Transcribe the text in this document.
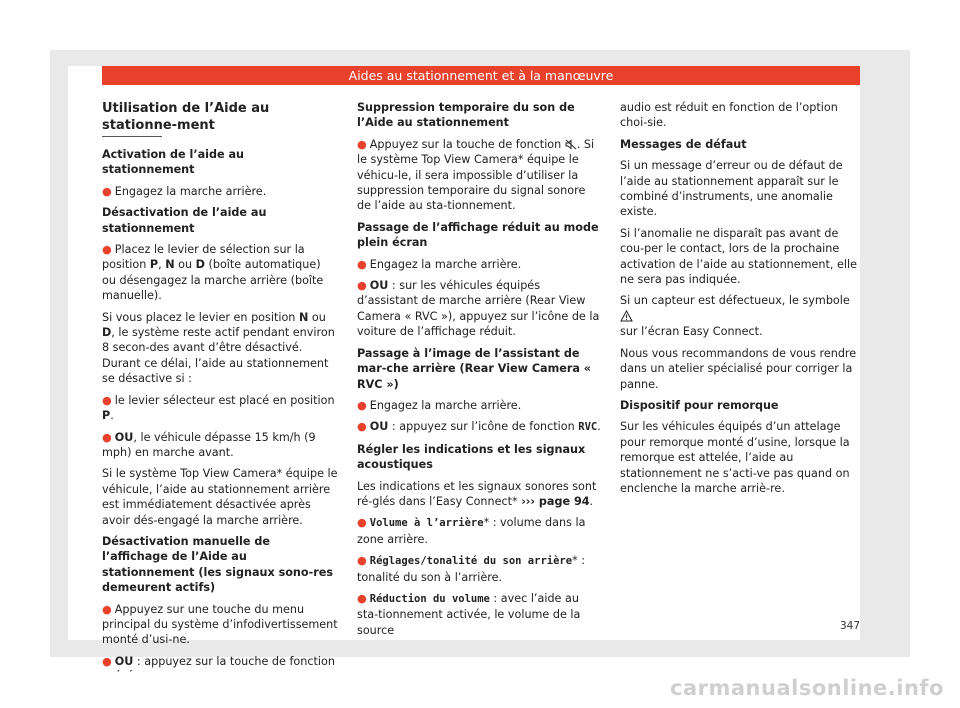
Aides au stationnement et à la manœuvre

Utilisation de l’Aide au stationne-ment

Activation de l’aide au stationnement

● Engagez la marche arrière.

Désactivation de l’aide au stationnement

● Placez le levier de sélection sur la position P, N ou D (boîte automatique) ou désengagez la marche arrière (boîte manuelle).

Si vous placez le levier en position N ou D, le système reste actif pendant environ 8 secon-des avant d’être désactivé. Durant ce délai, l’aide au stationnement se désactive si :

● le levier sélecteur est placé en position P.

● OU, le véhicule dépasse 15 km/h (9 mph) en marche avant.

Si le système Top View Camera* équipe le véhicule, l’aide au stationnement arrière est immédiatement désactivée après avoir dés-engagé la marche arrière.

Désactivation manuelle de l’affichage de l’Aide au stationnement (les signaux sono-res demeurent actifs)

● Appuyez sur une touche du menu principal du système d’infodivertissement monté d’usi-ne.

● OU : appuyez sur la touche de fonction

Suppression temporaire du son de l’Aide au stationnement

● Appuyez sur la touche de fonction . Si le système Top View Camera* équipe le véhicu-le, il sera impossible d’utiliser la suppression temporaire du signal sonore de l’aide au sta-tionnement.

Passage de l’affichage réduit au mode plein écran

● Engagez la marche arrière.

● OU : sur les véhicules équipés d’assistant de marche arrière (Rear View Camera « RVC »), appuyez sur l’icône de la voiture de l’affichage réduit.

Passage à l’image de l’assistant de mar-che arrière (Rear View Camera « RVC »)

● Engagez la marche arrière.

● OU : appuyez sur l’icône de fonction RVC.

Régler les indications et les signaux acoustiques

Les indications et les signaux sonores sont ré-glés dans l’Easy Connect* ››› page 94.

● Volume à l’arrière* : volume dans la zone arrière.

● Réglages/tonalité du son arrière* : tonalité du son à l’arrière.

● Réduction du volume : avec l’aide au sta-tionnement activée, le volume de la source

audio est réduit en fonction de l’option choi-sie.

Messages de défaut

Si un message d’erreur ou de défaut de l’aide au stationnement apparaît sur le combiné d’instruments, une anomalie existe.

Si l’anomalie ne disparaît pas avant de cou-per le contact, lors de la prochaine activation de l’aide au stationnement, elle ne sera pas indiquée.

Si un capteur est défectueux, le symbole
sur l’écran Easy Connect.

Nous vous recommandons de vous rendre dans un atelier spécialisé pour corriger la panne.

Dispositif pour remorque

Sur les véhicules équipés d’un attelage pour remorque monté d’usine, lorsque la remorque est attelée, l’aide au stationnement ne s’acti-ve pas quand on enclenche la marche arriè-re.

347
carmanualsonline.info
